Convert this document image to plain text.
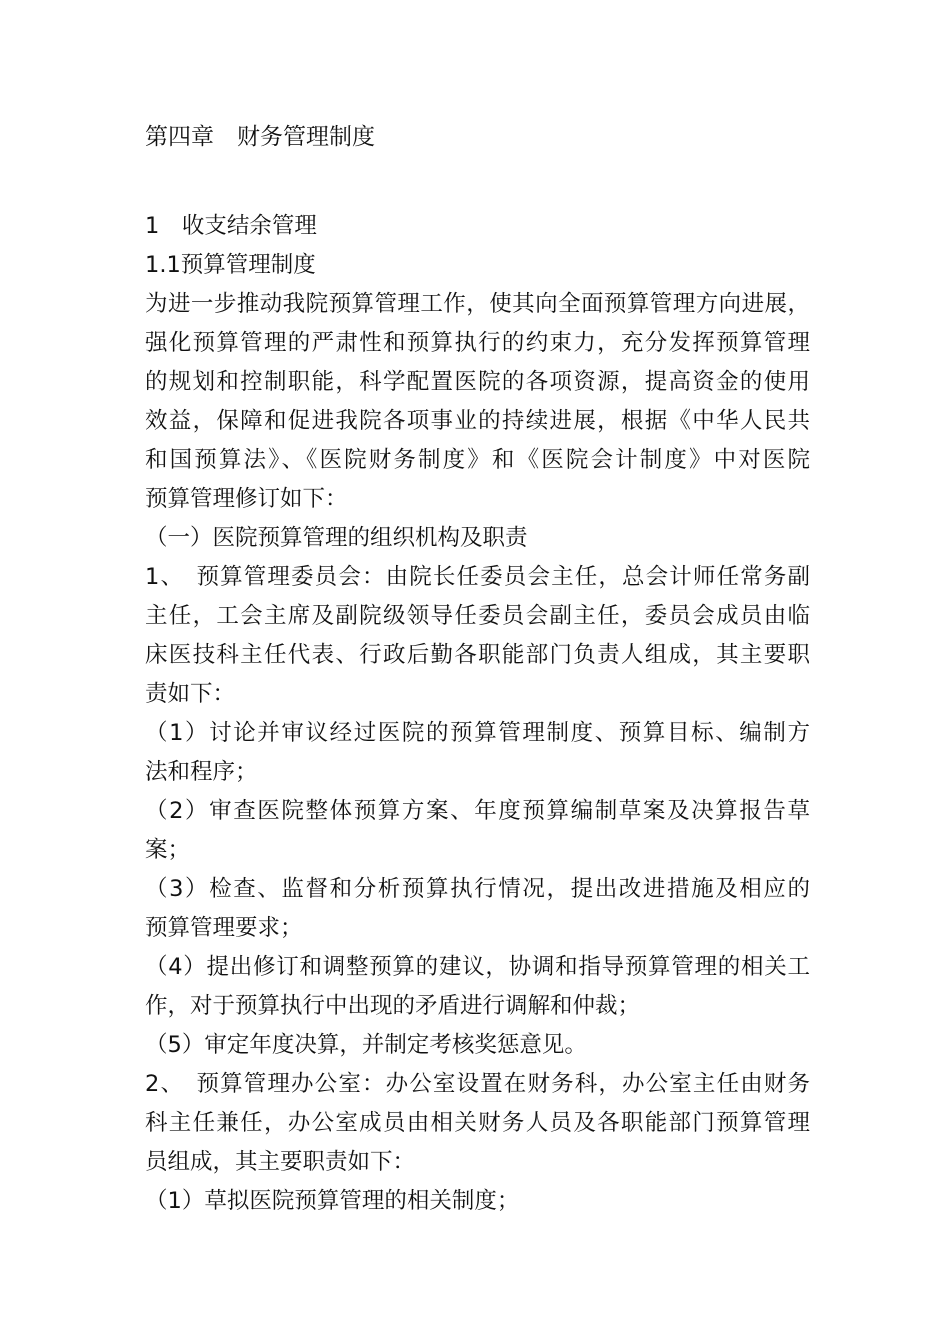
第四章　财务管理制度
1　收支结余管理
1.1预算管理制度
为进一步推动我院预算管理工作，使其向全面预算管理方向进展，
强化预算管理的严肃性和预算执行的约束力，充分发挥预算管理
的规划和控制职能，科学配置医院的各项资源，提高资金的使用
效益，保障和促进我院各项事业的持续进展，根据《中华人民共
和国预算法》、《医院财务制度》和《医院会计制度》中对医院
预算管理修订如下：
（一）医院预算管理的组织机构及职责
1、　预算管理委员会：由院长任委员会主任，总会计师任常务副
主任，工会主席及副院级领导任委员会副主任，委员会成员由临
床医技科主任代表、行政后勤各职能部门负责人组成，其主要职
责如下：
（1）讨论并审议经过医院的预算管理制度、预算目标、编制方
法和程序；
（2）审查医院整体预算方案、年度预算编制草案及决算报告草
案；
（3）检查、监督和分析预算执行情况，提出改进措施及相应的
预算管理要求；
（4）提出修订和调整预算的建议，协调和指导预算管理的相关工
作，对于预算执行中出现的矛盾进行调解和仲裁；
（5）审定年度决算，并制定考核奖惩意见。
2、　预算管理办公室：办公室设置在财务科，办公室主任由财务
科主任兼任，办公室成员由相关财务人员及各职能部门预算管理
员组成，其主要职责如下：
（1）草拟医院预算管理的相关制度；
